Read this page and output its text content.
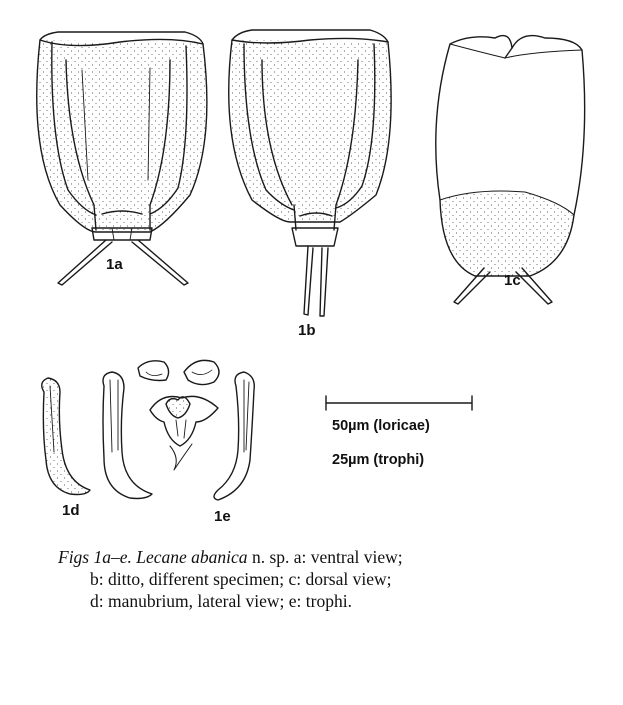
1a
1b
1c
1d	1e
50µm (loricae)
25µm (trophi)
Figs 1a–e. Lecane abanica n. sp. a: ventral view;
b: ditto, different specimen; c: dorsal view;
d: manubrium, lateral view; e: trophi.
